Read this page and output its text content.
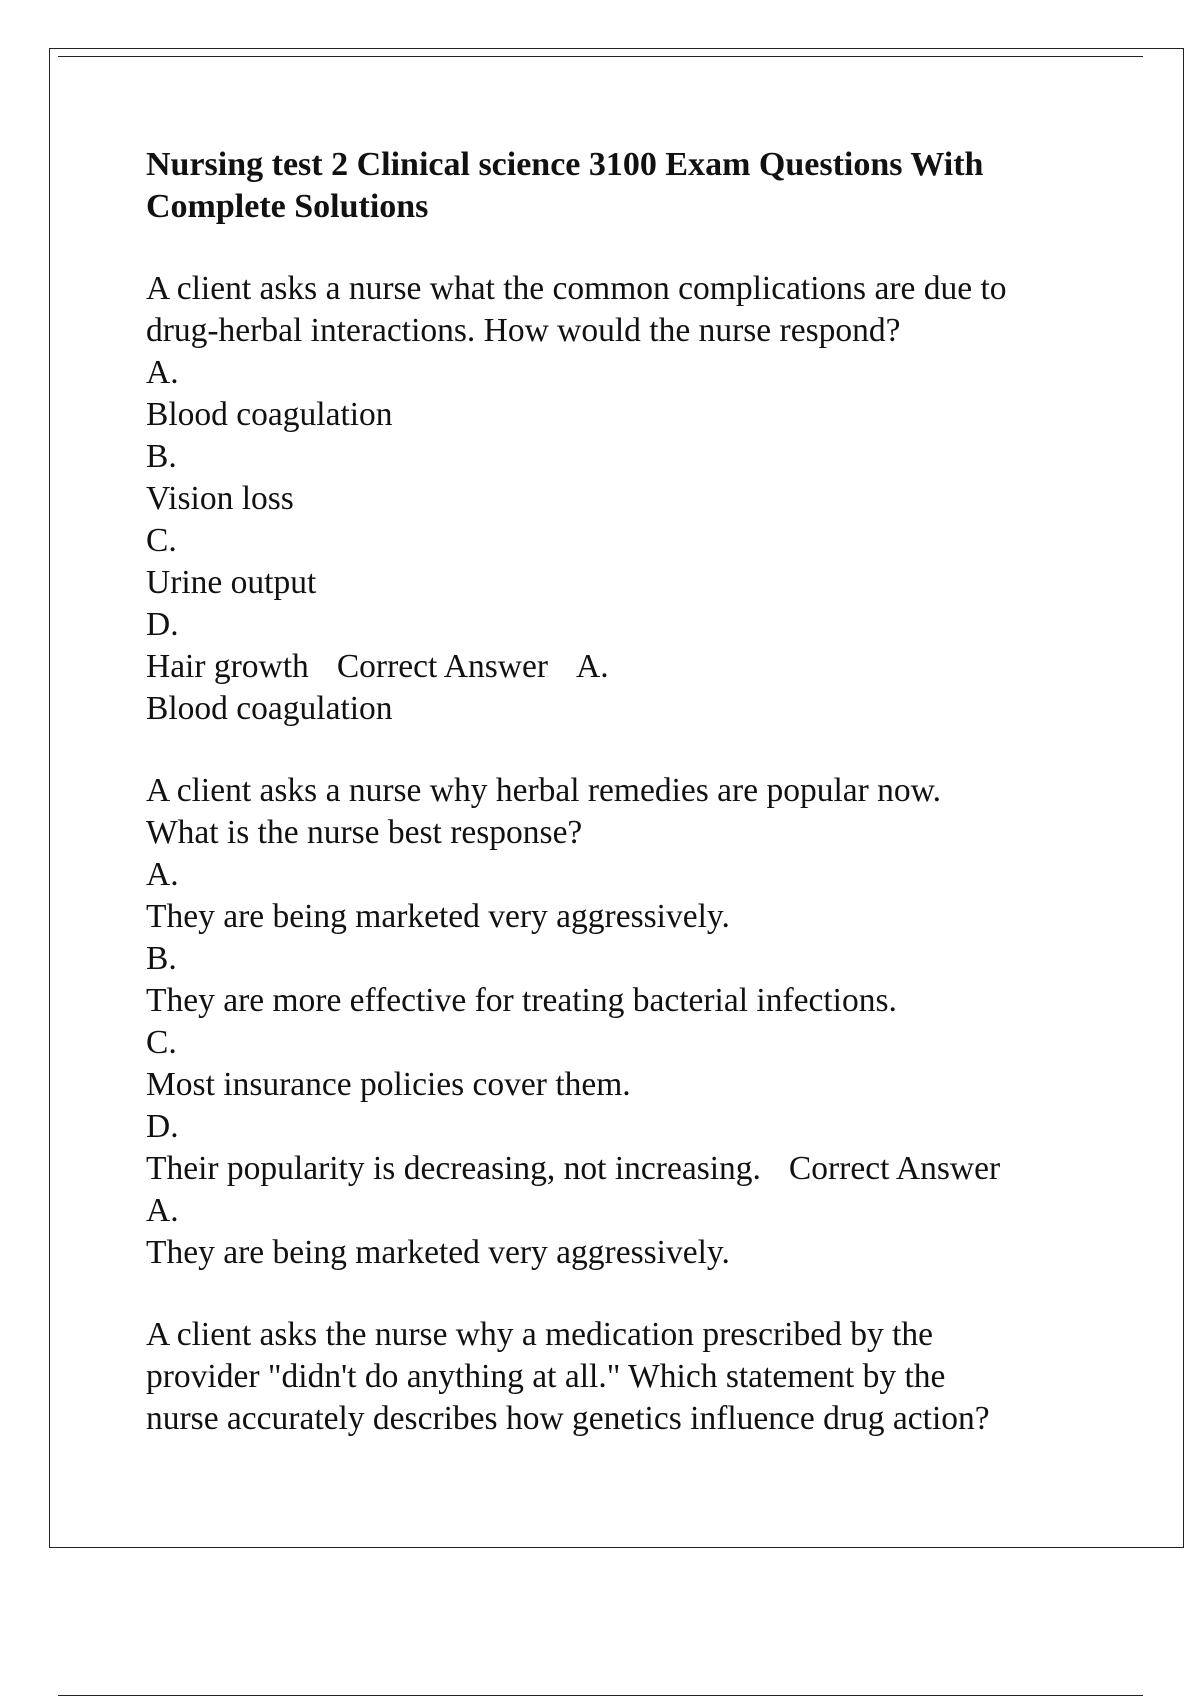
Nursing test 2 Clinical science 3100 Exam Questions With
Complete Solutions
A client asks a nurse what the common complications are due to
drug-herbal interactions. How would the nurse respond?
A.
Blood coagulation
B.
Vision loss
C.
Urine output
D.
Hair growth Correct Answer A.
Blood coagulation
A client asks a nurse why herbal remedies are popular now.
What is the nurse best response?
A.
They are being marketed very aggressively.
B.
They are more effective for treating bacterial infections.
C.
Most insurance policies cover them.
D.
Their popularity is decreasing, not increasing. Correct Answer
A.
They are being marketed very aggressively.
A client asks the nurse why a medication prescribed by the
provider "didn't do anything at all." Which statement by the
nurse accurately describes how genetics influence drug action?
